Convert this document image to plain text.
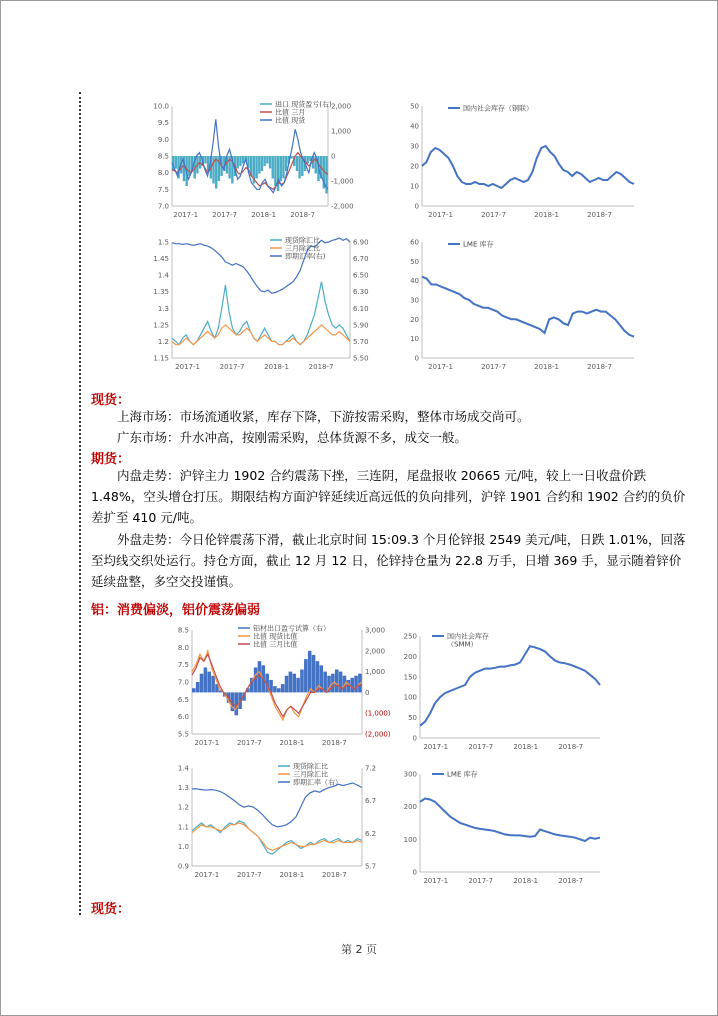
10.0
9.5
9.0
8.5
8.0
7.5
7.0
2,000
1,000
0
-1,000
-2,000
2017-1 2017-7 2018-1 2018-7
进口 现货盈亏(右)
比值 三月
比值 现货
50
40
30
20
10
0
2017-1	2017-7	2018-1	2018-7
国内社会库存（钢联）
1.5
1.45
1.4
1.35
1.3
1.25
1.2
1.15
6.90
6.70
6.50
6.30
6.10
5.90
5.70
5.50
2017-1	2017-7	2018-1	2018-7
现货除汇比
三月除汇比
即期汇率(右)
60
50
40
30
20
10
0
2017-1	2017-7	2018-1	2018-7
LME 库存
8.5
8.0
7.5
7.0
6.5
6.0
5.5
3,000
2,000
1,000
0
(1,000)
(2,000)
2017-1	2017-7	2018-1	2018-7
铝材出口盈亏试算（右）
比值 现货比值
比值 三月比值
250
200
150
100
50
0
2017-1	2017-7	2018-1	2018-7
国内社会库存
（SMM）
1.4
1.3
1.2
1.1
1.0
0.9
7.2
6.7
6.2
5.7
2017-1	2017-7	2018-1	2018-7
现货除汇比
三月除汇比
即期汇率（右）
300
200
100
0
2017-1	2017-7	2018-1	2018-7
LME 库存
现货：
上海市场：市场流通收紧，库存下降，下游按需采购，整体市场成交尚可。
广东市场：升水冲高，按刚需采购，总体货源不多，成交一般。
期货：
内盘走势：沪锌主力 1902 合约震荡下挫，三连阴，尾盘报收 20665 元/吨，较上一日收盘价跌 1.48%，空头增仓打压。期限结构方面沪锌延续近高远低的负向排列，沪锌 1901 合约和 1902 合约的负价差扩至 410 元/吨。
外盘走势：今日伦锌震荡下滑，截止北京时间 15:09.3 个月伦锌报 2549 美元/吨，日跌 1.01%，回落至均线交织处运行。持仓方面，截止 12 月 12 日，伦锌持仓量为 22.8 万手，日增 369 手，显示随着锌价延续盘整，多空交投谨慎。
铝：消费偏淡，铝价震荡偏弱
现货：
第 2 页
